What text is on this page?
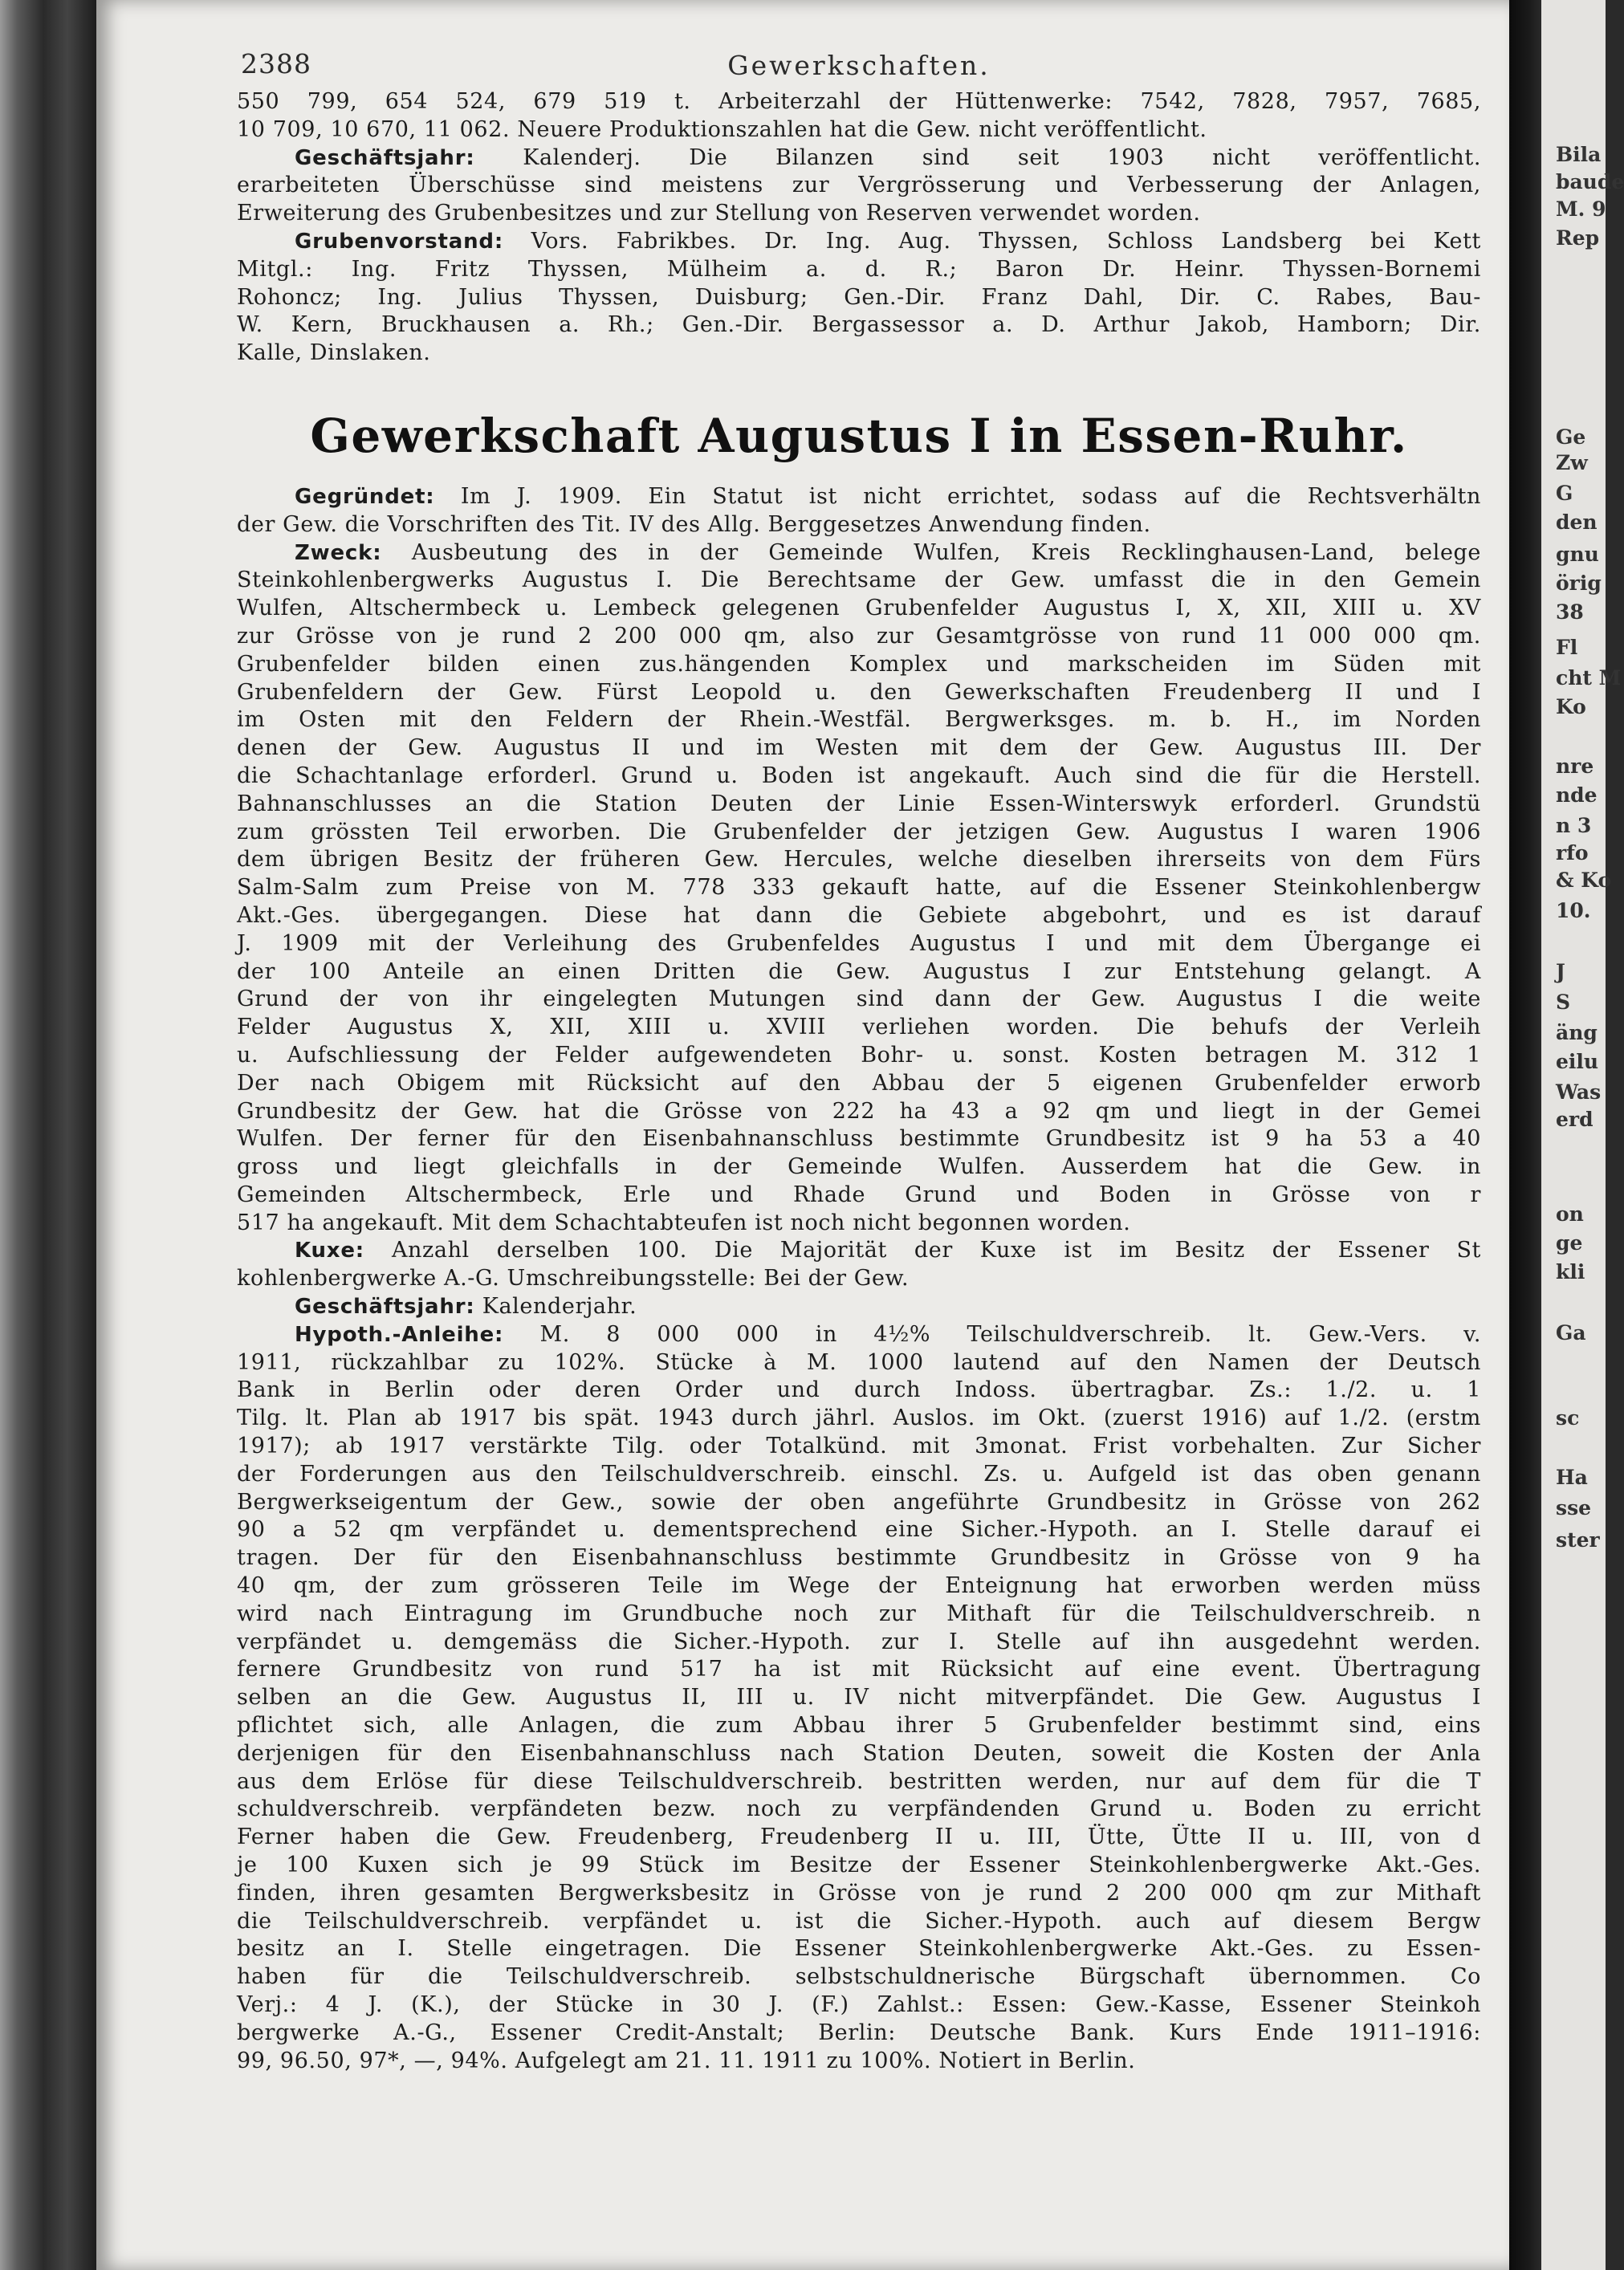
Bila
baude
M. 9
Rep
Ge
Zw
G
den
gnu
örig
38
Fl
cht M
Ko
nre
nde
n 3
rfo
& Ko
10.
J
S
äng
eilu
Was
erd
on
ge
kli
Ga
sc
Ha
sse
ster
2388	Gewerkschaften.

550 799, 654 524, 679 519 t. Arbeiterzahl der Hüttenwerke: 7542, 7828, 7957, 7685,

10 709, 10 670, 11 062. Neuere Produktionszahlen hat die Gew. nicht veröffentlicht.

Geschäftsjahr: Kalenderj. Die Bilanzen sind seit 1903 nicht veröffentlicht.

erarbeiteten Überschüsse sind meistens zur Vergrösserung und Verbesserung der Anlagen,

Erweiterung des Grubenbesitzes und zur Stellung von Reserven verwendet worden.

Grubenvorstand: Vors. Fabrikbes. Dr. Ing. Aug. Thyssen, Schloss Landsberg bei Kett

Mitgl.: Ing. Fritz Thyssen, Mülheim a. d. R.; Baron Dr. Heinr. Thyssen-Bornemi

Rohoncz; Ing. Julius Thyssen, Duisburg; Gen.-Dir. Franz Dahl, Dir. C. Rabes, Bau-

W. Kern, Bruckhausen a. Rh.; Gen.-Dir. Bergassessor a. D. Arthur Jakob, Hamborn; Dir.

Kalle, Dinslaken.

Gewerkschaft Augustus I in Essen-Ruhr.

Gegründet: Im J. 1909. Ein Statut ist nicht errichtet, sodass auf die Rechtsverhältn

der Gew. die Vorschriften des Tit. IV des Allg. Berggesetzes Anwendung finden.

Zweck: Ausbeutung des in der Gemeinde Wulfen, Kreis Recklinghausen-Land, belege

Steinkohlenbergwerks Augustus I. Die Berechtsame der Gew. umfasst die in den Gemein

Wulfen, Altschermbeck u. Lembeck gelegenen Grubenfelder Augustus I, X, XII, XIII u. XV

zur Grösse von je rund 2 200 000 qm, also zur Gesamtgrösse von rund 11 000 000 qm.

Grubenfelder bilden einen zus.hängenden Komplex und markscheiden im Süden mit

Grubenfeldern der Gew. Fürst Leopold u. den Gewerkschaften Freudenberg II und I

im Osten mit den Feldern der Rhein.-Westfäl. Bergwerksges. m. b. H., im Norden

denen der Gew. Augustus II und im Westen mit dem der Gew. Augustus III. Der

die Schachtanlage erforderl. Grund u. Boden ist angekauft. Auch sind die für die Herstell.

Bahnanschlusses an die Station Deuten der Linie Essen-Winterswyk erforderl. Grundstü

zum grössten Teil erworben. Die Grubenfelder der jetzigen Gew. Augustus I waren 1906

dem übrigen Besitz der früheren Gew. Hercules, welche dieselben ihrerseits von dem Fürs

Salm-Salm zum Preise von M. 778 333 gekauft hatte, auf die Essener Steinkohlenbergw

Akt.-Ges. übergegangen. Diese hat dann die Gebiete abgebohrt, und es ist darauf

J. 1909 mit der Verleihung des Grubenfeldes Augustus I und mit dem Übergange ei

der 100 Anteile an einen Dritten die Gew. Augustus I zur Entstehung gelangt. A

Grund der von ihr eingelegten Mutungen sind dann der Gew. Augustus I die weite

Felder Augustus X, XII, XIII u. XVIII verliehen worden. Die behufs der Verleih

u. Aufschliessung der Felder aufgewendeten Bohr- u. sonst. Kosten betragen M. 312 1

Der nach Obigem mit Rücksicht auf den Abbau der 5 eigenen Grubenfelder erworb

Grundbesitz der Gew. hat die Grösse von 222 ha 43 a 92 qm und liegt in der Gemei

Wulfen. Der ferner für den Eisenbahnanschluss bestimmte Grundbesitz ist 9 ha 53 a 40

gross und liegt gleichfalls in der Gemeinde Wulfen. Ausserdem hat die Gew. in

Gemeinden Altschermbeck, Erle und Rhade Grund und Boden in Grösse von r

517 ha angekauft. Mit dem Schachtabteufen ist noch nicht begonnen worden.

Kuxe: Anzahl derselben 100. Die Majorität der Kuxe ist im Besitz der Essener St

kohlenbergwerke A.-G. Umschreibungsstelle: Bei der Gew.

Geschäftsjahr: Kalenderjahr.

Hypoth.-Anleihe: M. 8 000 000 in 4½% Teilschuldverschreib. lt. Gew.-Vers. v.

1911, rückzahlbar zu 102%. Stücke à M. 1000 lautend auf den Namen der Deutsch

Bank in Berlin oder deren Order und durch Indoss. übertragbar. Zs.: 1./2. u. 1

Tilg. lt. Plan ab 1917 bis spät. 1943 durch jährl. Auslos. im Okt. (zuerst 1916) auf 1./2. (erstm

1917); ab 1917 verstärkte Tilg. oder Totalkünd. mit 3monat. Frist vorbehalten. Zur Sicher

der Forderungen aus den Teilschuldverschreib. einschl. Zs. u. Aufgeld ist das oben genann

Bergwerkseigentum der Gew., sowie der oben angeführte Grundbesitz in Grösse von 262

90 a 52 qm verpfändet u. dementsprechend eine Sicher.-Hypoth. an I. Stelle darauf ei

tragen. Der für den Eisenbahnanschluss bestimmte Grundbesitz in Grösse von 9 ha

40 qm, der zum grösseren Teile im Wege der Enteignung hat erworben werden müss

wird nach Eintragung im Grundbuche noch zur Mithaft für die Teilschuldverschreib. n

verpfändet u. demgemäss die Sicher.-Hypoth. zur I. Stelle auf ihn ausgedehnt werden.

fernere Grundbesitz von rund 517 ha ist mit Rücksicht auf eine event. Übertragung

selben an die Gew. Augustus II, III u. IV nicht mitverpfändet. Die Gew. Augustus I

pflichtet sich, alle Anlagen, die zum Abbau ihrer 5 Grubenfelder bestimmt sind, eins

derjenigen für den Eisenbahnanschluss nach Station Deuten, soweit die Kosten der Anla

aus dem Erlöse für diese Teilschuldverschreib. bestritten werden, nur auf dem für die T

schuldverschreib. verpfändeten bezw. noch zu verpfändenden Grund u. Boden zu erricht

Ferner haben die Gew. Freudenberg, Freudenberg II u. III, Ütte, Ütte II u. III, von d

je 100 Kuxen sich je 99 Stück im Besitze der Essener Steinkohlenbergwerke Akt.-Ges.

finden, ihren gesamten Bergwerksbesitz in Grösse von je rund 2 200 000 qm zur Mithaft

die Teilschuldverschreib. verpfändet u. ist die Sicher.-Hypoth. auch auf diesem Bergw

besitz an I. Stelle eingetragen. Die Essener Steinkohlenbergwerke Akt.-Ges. zu Essen-

haben für die Teilschuldverschreib. selbstschuldnerische Bürgschaft übernommen. Co

Verj.: 4 J. (K.), der Stücke in 30 J. (F.) Zahlst.: Essen: Gew.-Kasse, Essener Steinkoh

bergwerke A.-G., Essener Credit-Anstalt; Berlin: Deutsche Bank. Kurs Ende 1911–1916:

99, 96.50, 97*, —, 94%. Aufgelegt am 21. 11. 1911 zu 100%. Notiert in Berlin.
